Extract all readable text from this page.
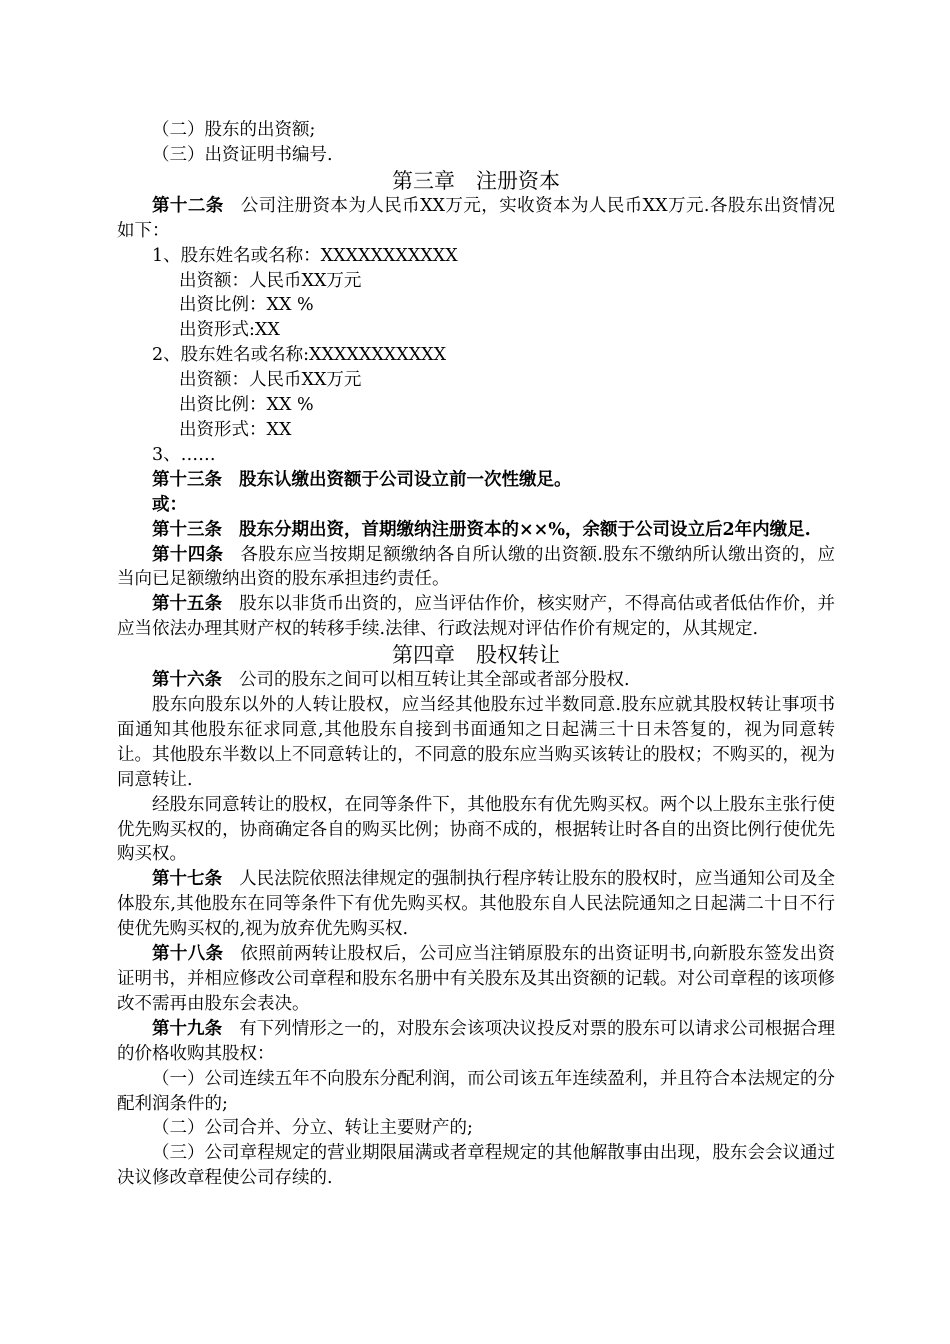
（二）股东的出资额;

（三）出资证明书编号.

第三章　注册资本

第十二条 公司注册资本为人民币XX万元，实收资本为人民币XX万元.各股东出资情况如下：

1、股东姓名或名称：XXXXXXXXXXX

出资额：人民币XX万元

出资比例：XX %

出资形式:XX

2、股东姓名或名称:XXXXXXXXXXX

出资额：人民币XX万元

出资比例：XX %

出资形式：XX

3、……

第十三条 股东认缴出资额于公司设立前一次性缴足。

或：

第十三条 股东分期出资，首期缴纳注册资本的××%，余额于公司设立后2年内缴足.

第十四条 各股东应当按期足额缴纳各自所认缴的出资额.股东不缴纳所认缴出资的，应当向已足额缴纳出资的股东承担违约责任。

第十五条 股东以非货币出资的，应当评估作价，核实财产，不得高估或者低估作价，并应当依法办理其财产权的转移手续.法律、行政法规对评估作价有规定的，从其规定.

第四章　股权转让

第十六条 公司的股东之间可以相互转让其全部或者部分股权.

股东向股东以外的人转让股权，应当经其他股东过半数同意.股东应就其股权转让事项书面通知其他股东征求同意,其他股东自接到书面通知之日起满三十日未答复的，视为同意转让。其他股东半数以上不同意转让的，不同意的股东应当购买该转让的股权；不购买的，视为同意转让.

经股东同意转让的股权，在同等条件下，其他股东有优先购买权。两个以上股东主张行使优先购买权的，协商确定各自的购买比例；协商不成的，根据转让时各自的出资比例行使优先购买权。

第十七条 人民法院依照法律规定的强制执行程序转让股东的股权时，应当通知公司及全体股东,其他股东在同等条件下有优先购买权。其他股东自人民法院通知之日起满二十日不行使优先购买权的,视为放弃优先购买权.

第十八条 依照前两转让股权后，公司应当注销原股东的出资证明书,向新股东签发出资证明书，并相应修改公司章程和股东名册中有关股东及其出资额的记载。对公司章程的该项修改不需再由股东会表决。

第十九条 有下列情形之一的，对股东会该项决议投反对票的股东可以请求公司根据合理的价格收购其股权：

（一）公司连续五年不向股东分配利润，而公司该五年连续盈利，并且符合本法规定的分配利润条件的;

（二）公司合并、分立、转让主要财产的;

（三）公司章程规定的营业期限届满或者章程规定的其他解散事由出现，股东会会议通过决议修改章程使公司存续的.
